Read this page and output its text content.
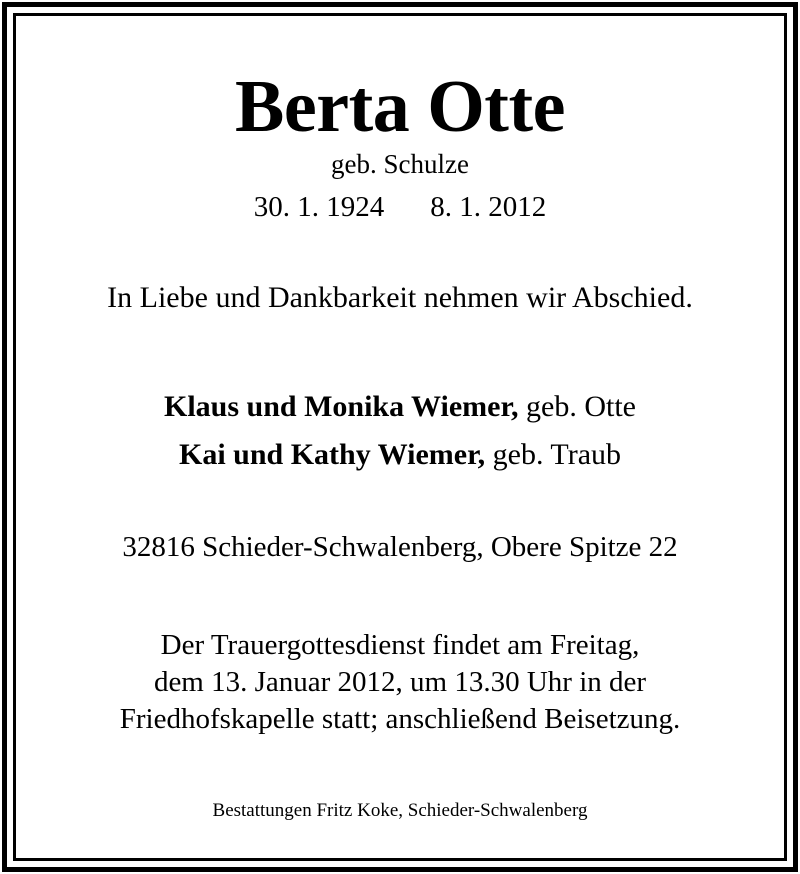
Berta Otte
geb. Schulze
30. 1. 1924 8. 1. 2012
In Liebe und Dankbarkeit nehmen wir Abschied.
Klaus und Monika Wiemer, geb. Otte
Kai und Kathy Wiemer, geb. Traub
32816 Schieder-Schwalenberg, Obere Spitze 22
Der Trauergottesdienst findet am Freitag,
dem 13. Januar 2012, um 13.30 Uhr in der
Friedhofskapelle statt; anschließend Beisetzung.
Bestattungen Fritz Koke, Schieder-Schwalenberg
